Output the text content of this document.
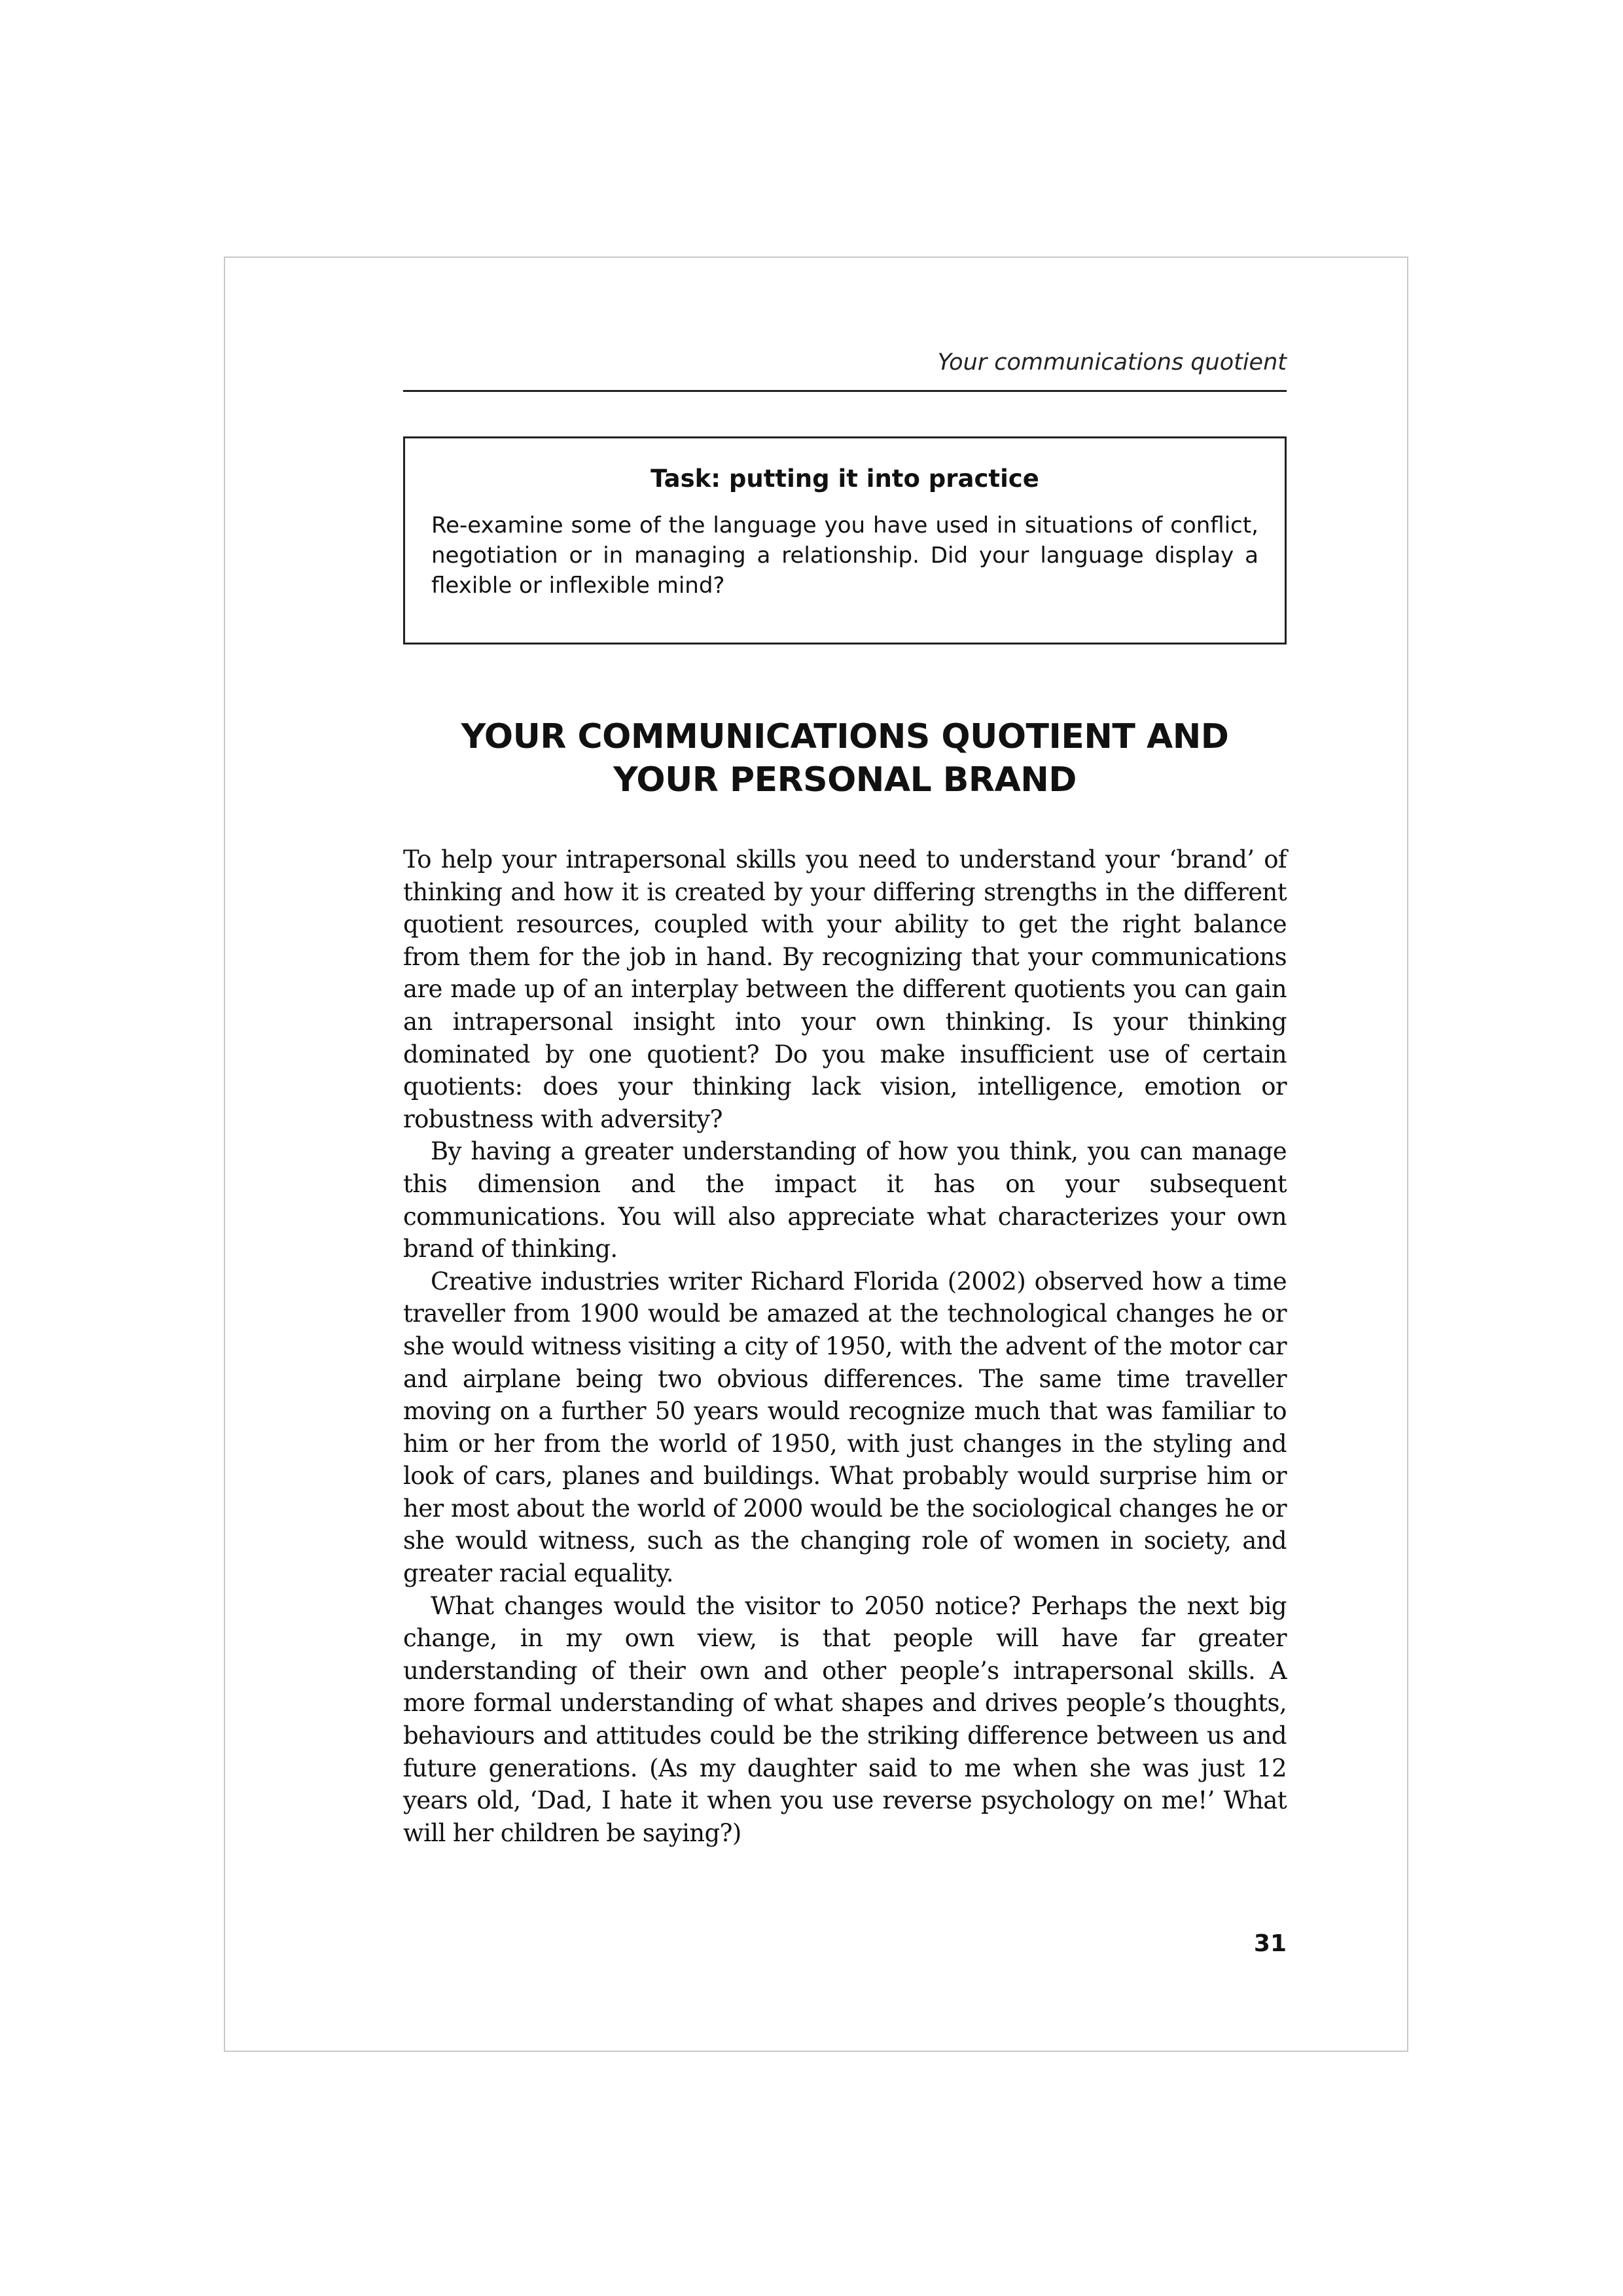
Your communications quotient

Task: putting it into practice

Re-examine some of the language you have used in situations of conflict, negotiation or in managing a relationship. Did your language display a flexible or inflexible mind?

YOUR COMMUNICATIONS QUOTIENT AND YOUR PERSONAL BRAND

To help your intrapersonal skills you need to understand your ‘brand’ of thinking and how it is created by your differing strengths in the different quotient resources, coupled with your ability to get the right balance from them for the job in hand. By recognizing that your communications are made up of an interplay between the different quotients you can gain an intrapersonal insight into your own thinking. Is your thinking dominated by one quotient? Do you make insufficient use of certain quotients: does your thinking lack vision, intelligence, emotion or robustness with adversity?

By having a greater understanding of how you think, you can manage this dimension and the impact it has on your subsequent communications. You will also appreciate what characterizes your own brand of thinking.

Creative industries writer Richard Florida (2002) observed how a time traveller from 1900 would be amazed at the technological changes he or she would witness visiting a city of 1950, with the advent of the motor car and airplane being two obvious differences. The same time traveller moving on a further 50 years would recognize much that was familiar to him or her from the world of 1950, with just changes in the styling and look of cars, planes and buildings. What probably would surprise him or her most about the world of 2000 would be the sociological changes he or she would witness, such as the changing role of women in society, and greater racial equality.

What changes would the visitor to 2050 notice? Perhaps the next big change, in my own view, is that people will have far greater understanding of their own and other people’s intrapersonal skills. A more formal understanding of what shapes and drives people’s thoughts, behaviours and attitudes could be the striking difference between us and future generations. (As my daughter said to me when she was just 12 years old, ‘Dad, I hate it when you use reverse psychology on me!’ What will her children be saying?)

31
